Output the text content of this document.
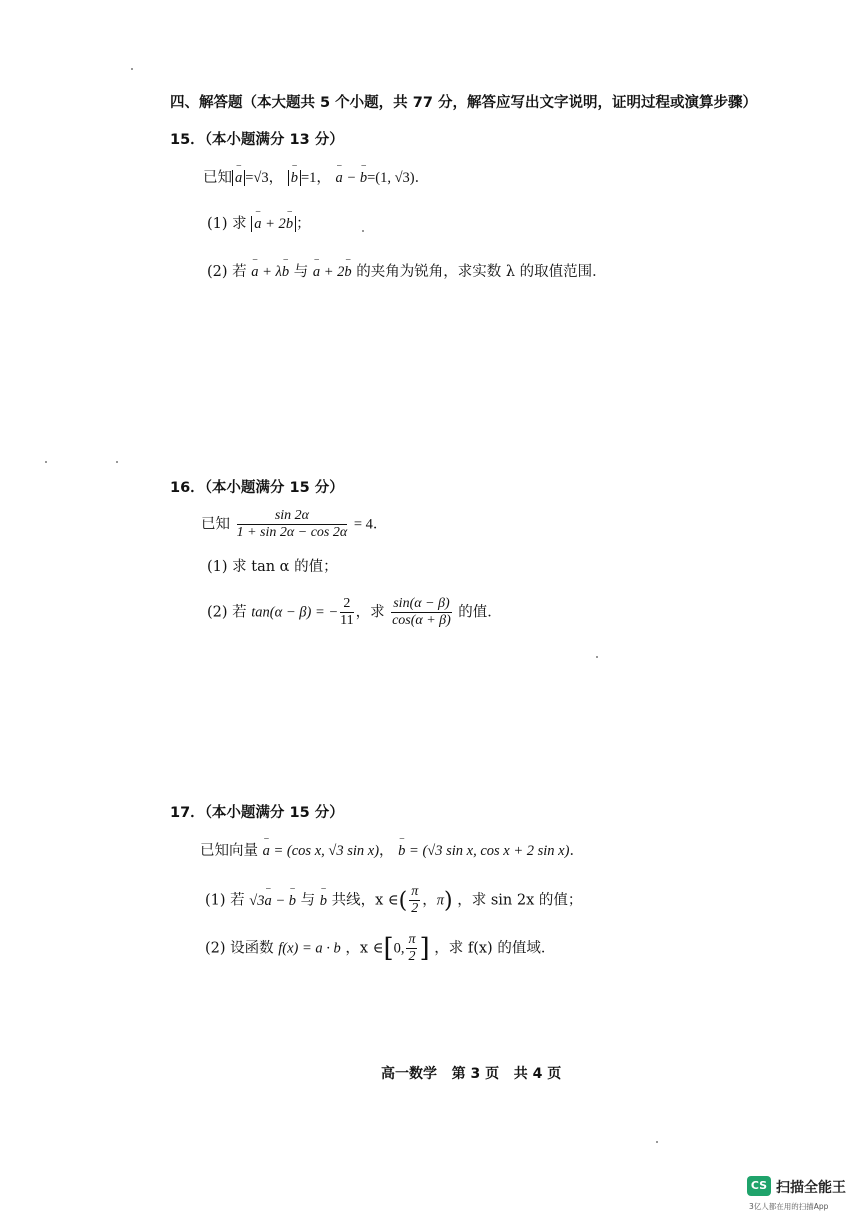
四、解答题（本大题共 5 个小题，共 77 分，解答应写出文字说明，证明过程或演算步骤）
15．（本小题满分 13 分）
已知 − a =√3， − b =1， − a − − b=(1, √3)．
(1) 求 − a + 2− b ；
(2) 若 − a + λ− b 与 − a + 2− b 的夹角为锐角，求实数 λ 的取值范围．
16．（本小题满分 15 分）
已知 $\frac{\sin 2\alpha}{1 + \sin 2\alpha - \cos 2\alpha} = 4$．
(1) 求 tan α 的值；
(2) 若 tan(α − β) = − $\frac{2}{11}$ ，求 $\frac{\sin(\alpha - \beta)}{\cos(\alpha + \beta)}$ 的值．
17．（本小题满分 15 分）
已知向量 − a = (cos x, √3 sin x)， − b = (√3 sin x, cos x + 2 sin x)．
(1) 若 √3− a − − b 与 − b 共线，x ∈( $\frac{\pi}{2}$ ，π) ，求 sin 2x 的值；
(2) 设函数 f(x) = a · b ，x ∈[0, $\frac{\pi}{2}$ ] ，求 f(x) 的值域．
高一数学 第 3 页 共 4 页
CS 扫描全能王
3亿人都在用的扫描App
